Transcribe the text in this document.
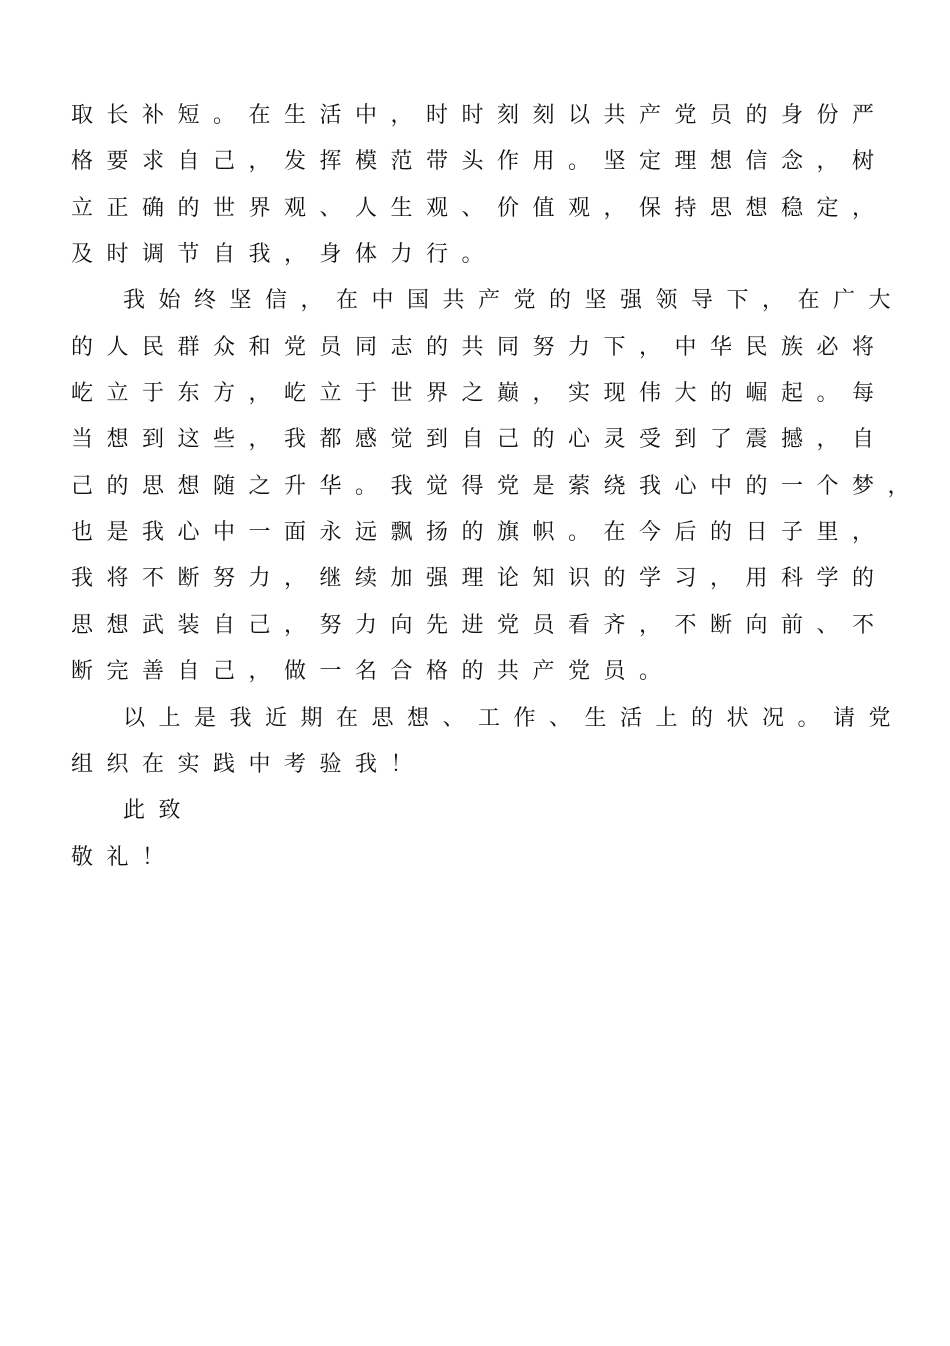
取长补短。在生活中，时时刻刻以共产党员的身份严
格要求自己，发挥模范带头作用。坚定理想信念，树
立正确的世界观、人生观、价值观，保持思想稳定，
及时调节自我，身体力行。
我始终坚信，在中国共产党的坚强领导下，在广大
的人民群众和党员同志的共同努力下，中华民族必将
屹立于东方，屹立于世界之巅，实现伟大的崛起。每
当想到这些，我都感觉到自己的心灵受到了震撼，自
己的思想随之升华。我觉得党是萦绕我心中的一个梦，
也是我心中一面永远飘扬的旗帜。在今后的日子里，
我将不断努力，继续加强理论知识的学习，用科学的
思想武装自己，努力向先进党员看齐，不断向前、不
断完善自己，做一名合格的共产党员。
以上是我近期在思想、工作、生活上的状况。请党
组织在实践中考验我！
此致
敬礼！
